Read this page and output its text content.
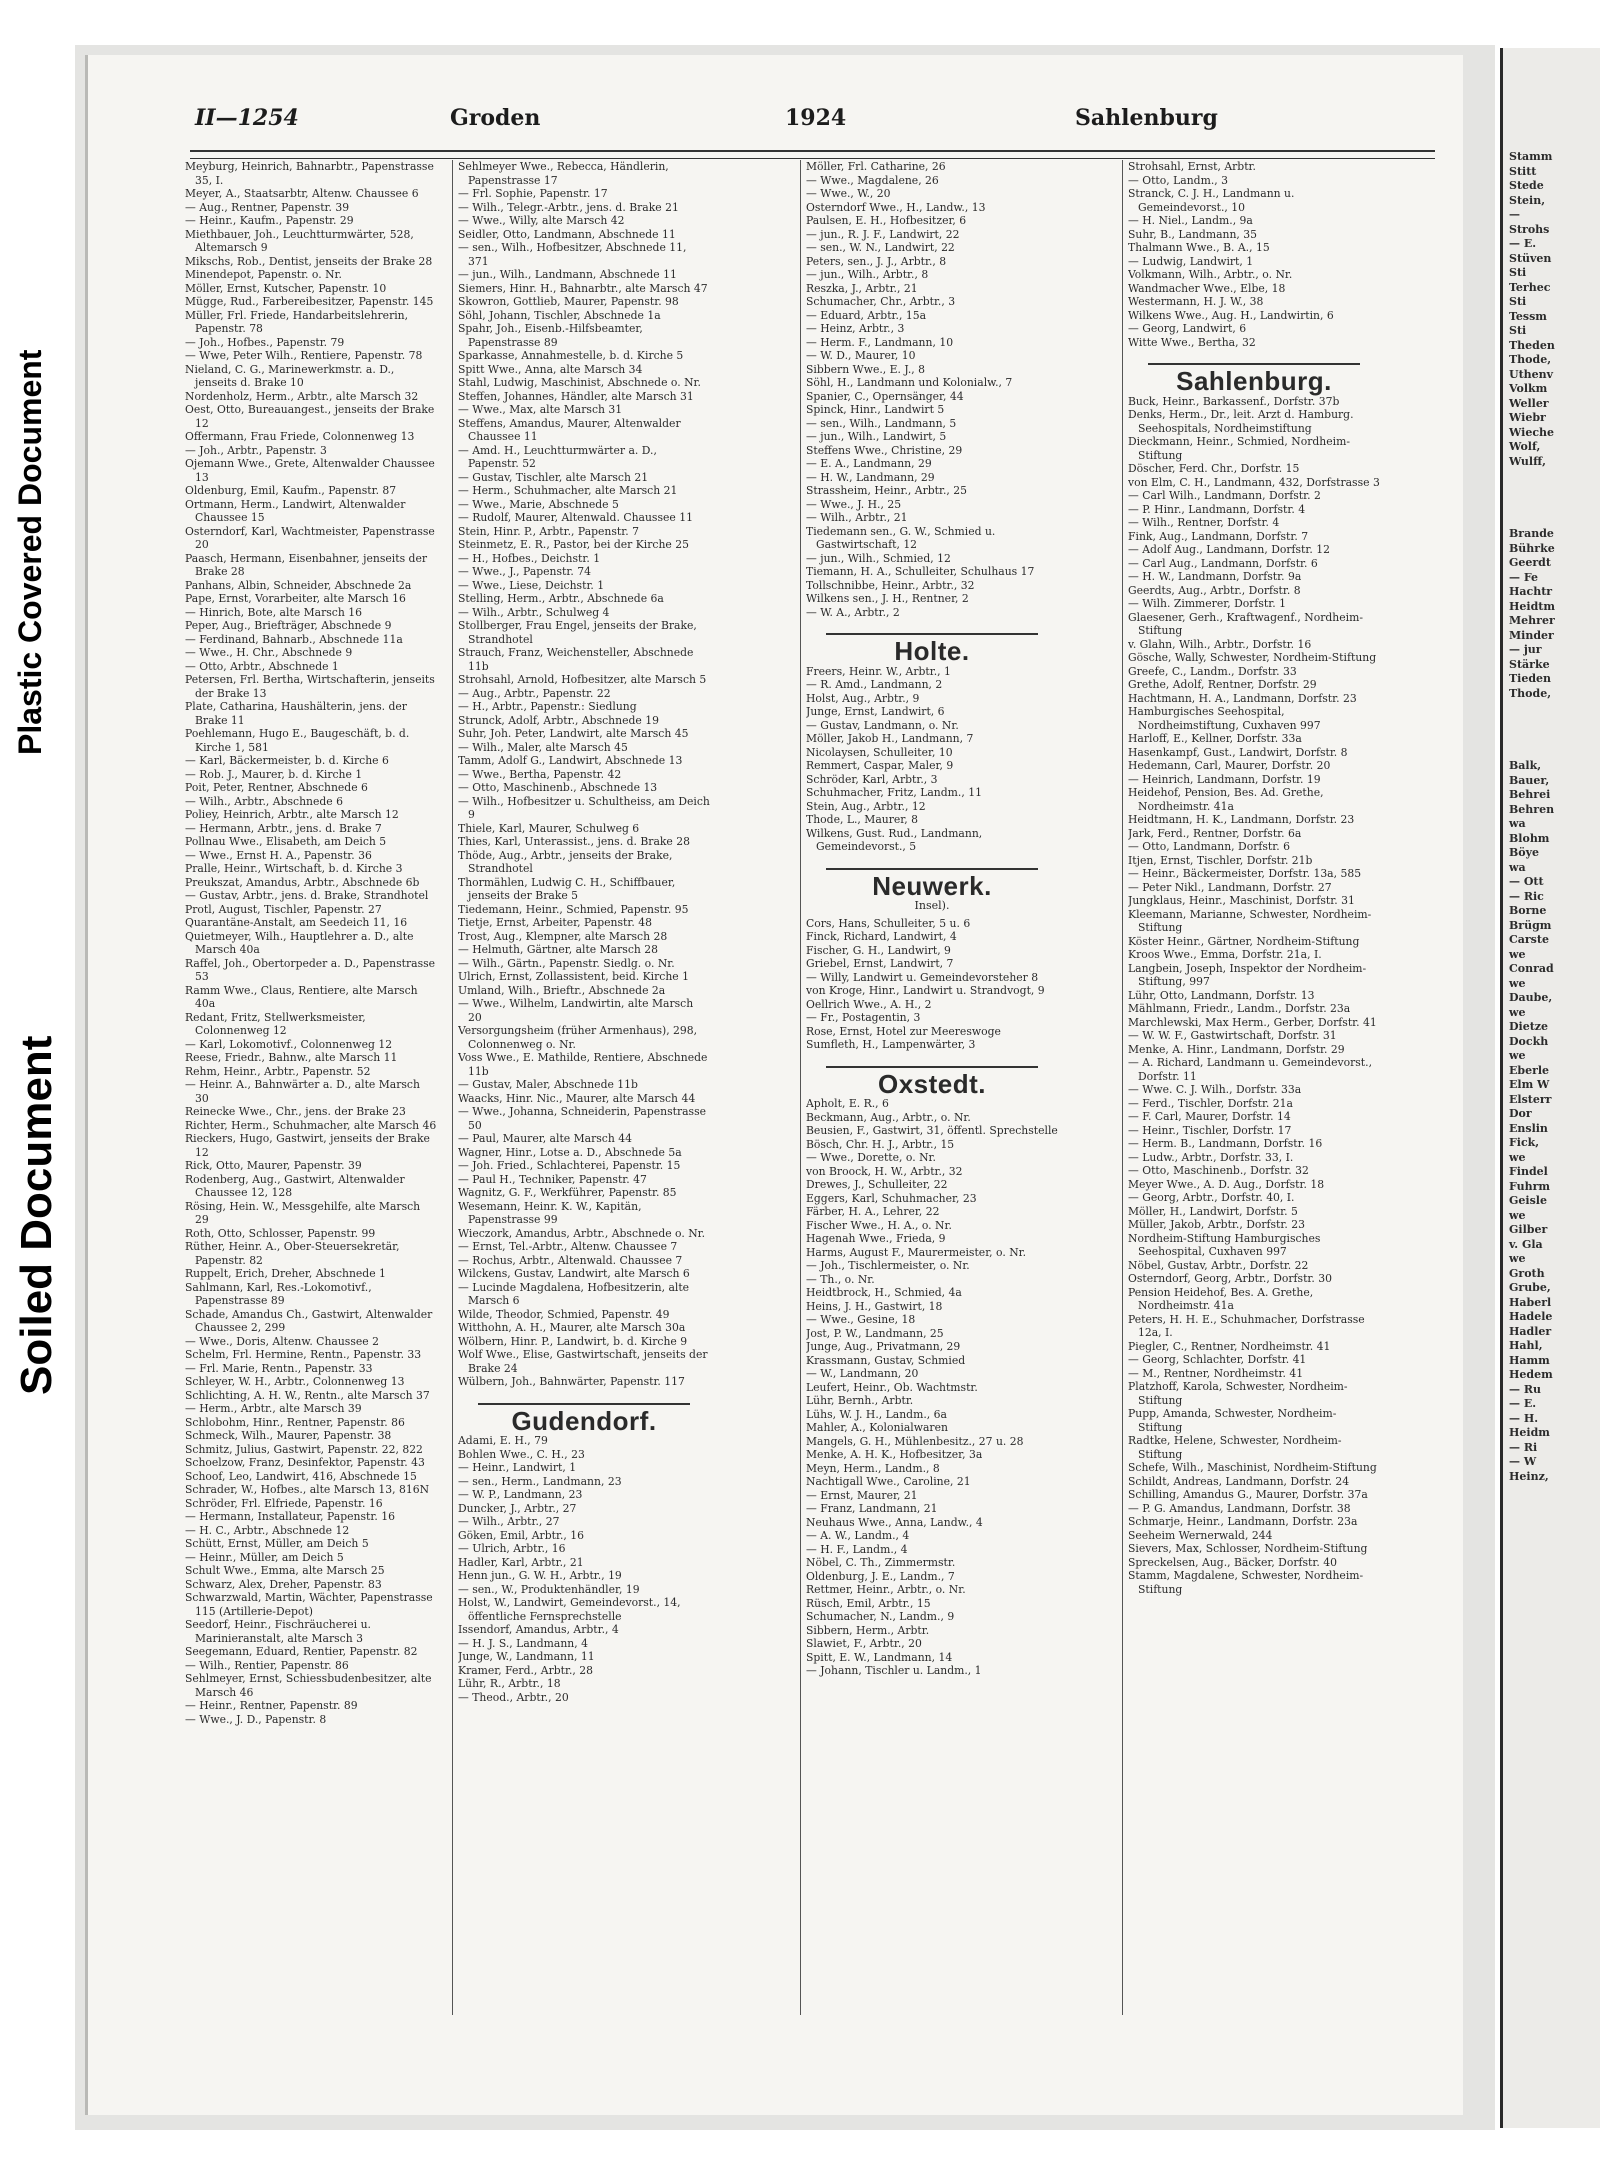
Plastic Covered Document
Soiled Document
Stamm
Stitt
Stede
Stein,
—
Strohs
— E.
Stüven
Sti
Terhec
Sti
Tessm
Sti
Theden
Thode,
Uthenv
Volkm
Weller
Wiebr
Wieche
Wolf,
Wulff,

Brande
Bührke
Geerdt
— Fe
Hachtr
Heidtm
Mehrer
Minder
— jur
Stärke
Tieden
Thode,

Balk,
Bauer,
Behrei
Behren
wa
Blohm
Böye
wa
— Ott
— Ric
Borne
Brügm
Carste
we
Conrad
we
Daube,
we
Dietze
Dockh
we
Eberle
Elm W
Elsterr
Dor
Enslin
Fick,
we
Findel
Fuhrm
Geisle
we
Gilber
v. Gla
we
Groth
Grube,
Haberl
Hadele
Hadler
Hahl,
Hamm
Hedem
— Ru
— E.
— H.
Heidm
— Ri
— W
Heinz,
II—1254	Groden	1924	Sahlenburg
Meyburg, Heinrich, Bahnarbtr., Papenstrasse 35, I.
Meyer, A., Staatsarbtr, Altenw. Chaussee 6
— Aug., Rentner, Papenstr. 39
— Heinr., Kaufm., Papenstr. 29
Miethbauer, Joh., Leuchtturmwärter, 528, Altemarsch 9
Mikschs, Rob., Dentist, jenseits der Brake 28
Minendepot, Papenstr. o. Nr.
Möller, Ernst, Kutscher, Papenstr. 10
Mügge, Rud., Farbereibesitzer, Papenstr. 145
Müller, Frl. Friede, Handarbeitslehrerin, Papenstr. 78
— Joh., Hofbes., Papenstr. 79
— Wwe, Peter Wilh., Rentiere, Papenstr. 78
Nieland, C. G., Marinewerkmstr. a. D., jenseits d. Brake 10
Nordenholz, Herm., Arbtr., alte Marsch 32
Oest, Otto, Bureauangest., jenseits der Brake 12
Offermann, Frau Friede, Colonnenweg 13
— Joh., Arbtr., Papenstr. 3
Ojemann Wwe., Grete, Altenwalder Chaussee 13
Oldenburg, Emil, Kaufm., Papenstr. 87
Ortmann, Herm., Landwirt, Altenwalder Chaussee 15
Osterndorf, Karl, Wachtmeister, Papenstrasse 20
Paasch, Hermann, Eisenbahner, jenseits der Brake 28
Panhans, Albin, Schneider, Abschnede 2a
Pape, Ernst, Vorarbeiter, alte Marsch 16
— Hinrich, Bote, alte Marsch 16
Peper, Aug., Briefträger, Abschnede 9
— Ferdinand, Bahnarb., Abschnede 11a
— Wwe., H. Chr., Abschnede 9
— Otto, Arbtr., Abschnede 1
Petersen, Frl. Bertha, Wirtschafterin, jenseits der Brake 13
Plate, Catharina, Haushälterin, jens. der Brake 11
Poehlemann, Hugo E., Baugeschäft, b. d. Kirche 1, 581
— Karl, Bäckermeister, b. d. Kirche 6
— Rob. J., Maurer, b. d. Kirche 1
Poit, Peter, Rentner, Abschnede 6
— Wilh., Arbtr., Abschnede 6
Poliey, Heinrich, Arbtr., alte Marsch 12
— Hermann, Arbtr., jens. d. Brake 7
Pollnau Wwe., Elisabeth, am Deich 5
— Wwe., Ernst H. A., Papenstr. 36
Pralle, Heinr., Wirtschaft, b. d. Kirche 3
Preukszat, Amandus, Arbtr., Abschnede 6b
— Gustav, Arbtr., jens. d. Brake, Strandhotel
Protl, August, Tischler, Papenstr. 27
Quarantäne-Anstalt, am Seedeich 11, 16
Quietmeyer, Wilh., Hauptlehrer a. D., alte Marsch 40a
Raffel, Joh., Obertorpeder a. D., Papenstrasse 53
Ramm Wwe., Claus, Rentiere, alte Marsch 40a
Redant, Fritz, Stellwerksmeister, Colonnenweg 12
— Karl, Lokomotivf., Colonnenweg 12
Reese, Friedr., Bahnw., alte Marsch 11
Rehm, Heinr., Arbtr., Papenstr. 52
— Heinr. A., Bahnwärter a. D., alte Marsch 30
Reinecke Wwe., Chr., jens. der Brake 23
Richter, Herm., Schuhmacher, alte Marsch 46
Rieckers, Hugo, Gastwirt, jenseits der Brake 12
Rick, Otto, Maurer, Papenstr. 39
Rodenberg, Aug., Gastwirt, Altenwalder Chaussee 12, 128
Rösing, Hein. W., Messgehilfe, alte Marsch 29
Roth, Otto, Schlosser, Papenstr. 99
Rüther, Heinr. A., Ober-Steuersekretär, Papenstr. 82
Ruppelt, Erich, Dreher, Abschnede 1
Sahlmann, Karl, Res.-Lokomotivf., Papenstrasse 89
Schade, Amandus Ch., Gastwirt, Altenwalder Chaussee 2, 299
— Wwe., Doris, Altenw. Chaussee 2
Schelm, Frl. Hermine, Rentn., Papenstr. 33
— Frl. Marie, Rentn., Papenstr. 33
Schleyer, W. H., Arbtr., Colonnenweg 13
Schlichting, A. H. W., Rentn., alte Marsch 37
— Herm., Arbtr., alte Marsch 39
Schlobohm, Hinr., Rentner, Papenstr. 86
Schmeck, Wilh., Maurer, Papenstr. 38
Schmitz, Julius, Gastwirt, Papenstr. 22, 822
Schoelzow, Franz, Desinfektor, Papenstr. 43
Schoof, Leo, Landwirt, 416, Abschnede 15
Schrader, W., Hofbes., alte Marsch 13, 816N
Schröder, Frl. Elfriede, Papenstr. 16
— Hermann, Installateur, Papenstr. 16
— H. C., Arbtr., Abschnede 12
Schütt, Ernst, Müller, am Deich 5
— Heinr., Müller, am Deich 5
Schult Wwe., Emma, alte Marsch 25
Schwarz, Alex, Dreher, Papenstr. 83
Schwarzwald, Martin, Wächter, Papenstrasse 115 (Artillerie-Depot)
Seedorf, Heinr., Fischräucherei u. Marinieranstalt, alte Marsch 3
Seegemann, Eduard, Rentier, Papenstr. 82
— Wilh., Rentier, Papenstr. 86
Sehlmeyer, Ernst, Schiessbudenbesitzer, alte Marsch 46
— Heinr., Rentner, Papenstr. 89
— Wwe., J. D., Papenstr. 8
Sehlmeyer Wwe., Rebecca, Händlerin, Papenstrasse 17
— Frl. Sophie, Papenstr. 17
— Wilh., Telegr.-Arbtr., jens. d. Brake 21
— Wwe., Willy, alte Marsch 42
Seidler, Otto, Landmann, Abschnede 11
— sen., Wilh., Hofbesitzer, Abschnede 11, 371
— jun., Wilh., Landmann, Abschnede 11
Siemers, Hinr. H., Bahnarbtr., alte Marsch 47
Skowron, Gottlieb, Maurer, Papenstr. 98
Söhl, Johann, Tischler, Abschnede 1a
Spahr, Joh., Eisenb.-Hilfsbeamter, Papenstrasse 89
Sparkasse, Annahmestelle, b. d. Kirche 5
Spitt Wwe., Anna, alte Marsch 34
Stahl, Ludwig, Maschinist, Abschnede o. Nr.
Steffen, Johannes, Händler, alte Marsch 31
— Wwe., Max, alte Marsch 31
Steffens, Amandus, Maurer, Altenwalder Chaussee 11
— Amd. H., Leuchtturmwärter a. D., Papenstr. 52
— Gustav, Tischler, alte Marsch 21
— Herm., Schuhmacher, alte Marsch 21
— Wwe., Marie, Abschnede 5
— Rudolf, Maurer, Altenwald. Chaussee 11
Stein, Hinr. P., Arbtr., Papenstr. 7
Steinmetz, E. R., Pastor, bei der Kirche 25
— H., Hofbes., Deichstr. 1
— Wwe., J., Papenstr. 74
— Wwe., Liese, Deichstr. 1
Stelling, Herm., Arbtr., Abschnede 6a
— Wilh., Arbtr., Schulweg 4
Stollberger, Frau Engel, jenseits der Brake, Strandhotel
Strauch, Franz, Weichensteller, Abschnede 11b
Strohsahl, Arnold, Hofbesitzer, alte Marsch 5
— Aug., Arbtr., Papenstr. 22
— H., Arbtr., Papenstr.: Siedlung
Strunck, Adolf, Arbtr., Abschnede 19
Suhr, Joh. Peter, Landwirt, alte Marsch 45
— Wilh., Maler, alte Marsch 45
Tamm, Adolf G., Landwirt, Abschnede 13
— Wwe., Bertha, Papenstr. 42
— Otto, Maschinenb., Abschnede 13
— Wilh., Hofbesitzer u. Schultheiss, am Deich 9
Thiele, Karl, Maurer, Schulweg 6
Thies, Karl, Unterassist., jens. d. Brake 28
Thöde, Aug., Arbtr., jenseits der Brake, Strandhotel
Thormählen, Ludwig C. H., Schiffbauer, jenseits der Brake 5
Tiedemann, Heinr., Schmied, Papenstr. 95
Tietje, Ernst, Arbeiter, Papenstr. 48
Trost, Aug., Klempner, alte Marsch 28
— Helmuth, Gärtner, alte Marsch 28
— Wilh., Gärtn., Papenstr. Siedlg. o. Nr.
Ulrich, Ernst, Zollassistent, beid. Kirche 1
Umland, Wilh., Brieftr., Abschnede 2a
— Wwe., Wilhelm, Landwirtin, alte Marsch 20
Versorgungsheim (früher Armenhaus), 298, Colonnenweg o. Nr.
Voss Wwe., E. Mathilde, Rentiere, Abschnede 11b
— Gustav, Maler, Abschnede 11b
Waacks, Hinr. Nic., Maurer, alte Marsch 44
— Wwe., Johanna, Schneiderin, Papenstrasse 50
— Paul, Maurer, alte Marsch 44
Wagner, Hinr., Lotse a. D., Abschnede 5a
— Joh. Fried., Schlachterei, Papenstr. 15
— Paul H., Techniker, Papenstr. 47
Wagnitz, G. F., Werkführer, Papenstr. 85
Wesemann, Heinr. K. W., Kapitän, Papenstrasse 99
Wieczork, Amandus, Arbtr., Abschnede o. Nr.
— Ernst, Tel.-Arbtr., Altenw. Chaussee 7
— Rochus, Arbtr., Altenwald. Chaussee 7
Wilckens, Gustav, Landwirt, alte Marsch 6
— Lucinde Magdalena, Hofbesitzerin, alte Marsch 6
Wilde, Theodor, Schmied, Papenstr. 49
Witthohn, A. H., Maurer, alte Marsch 30a
Wölbern, Hinr. P., Landwirt, b. d. Kirche 9
Wolf Wwe., Elise, Gastwirtschaft, jenseits der Brake 24
Wülbern, Joh., Bahnwärter, Papenstr. 117
Gudendorf.
Adami, E. H., 79
Bohlen Wwe., C. H., 23
— Heinr., Landwirt, 1
— sen., Herm., Landmann, 23
— W. P., Landmann, 23
Duncker, J., Arbtr., 27
— Wilh., Arbtr., 27
Göken, Emil, Arbtr., 16
— Ulrich, Arbtr., 16
Hadler, Karl, Arbtr., 21
Henn jun., G. W. H., Arbtr., 19
— sen., W., Produktenhändler, 19
Holst, W., Landwirt, Gemeindevorst., 14, öffentliche Fernsprechstelle
Issendorf, Amandus, Arbtr., 4
— H. J. S., Landmann, 4
Junge, W., Landmann, 11
Kramer, Ferd., Arbtr., 28
Lühr, R., Arbtr., 18
— Theod., Arbtr., 20
Möller, Frl. Catharine, 26
— Wwe., Magdalene, 26
— Wwe., W., 20
Osterndorf Wwe., H., Landw., 13
Paulsen, E. H., Hofbesitzer, 6
— jun., R. J. F., Landwirt, 22
— sen., W. N., Landwirt, 22
Peters, sen., J. J., Arbtr., 8
— jun., Wilh., Arbtr., 8
Reszka, J., Arbtr., 21
Schumacher, Chr., Arbtr., 3
— Eduard, Arbtr., 15a
— Heinz, Arbtr., 3
— Herm. F., Landmann, 10
— W. D., Maurer, 10
Sibbern Wwe., E. J., 8
Söhl, H., Landmann und Kolonialw., 7
Spanier, C., Opernsänger, 44
Spinck, Hinr., Landwirt 5
— sen., Wilh., Landmann, 5
— jun., Wilh., Landwirt, 5
Steffens Wwe., Christine, 29
— E. A., Landmann, 29
— H. W., Landmann, 29
Strassheim, Heinr., Arbtr., 25
— Wwe., J. H., 25
— Wilh., Arbtr., 21
Tiedemann sen., G. W., Schmied u. Gastwirtschaft, 12
— jun., Wilh., Schmied, 12
Tiemann, H. A., Schulleiter, Schulhaus 17
Tollschnibbe, Heinr., Arbtr., 32
Wilkens sen., J. H., Rentner, 2
— W. A., Arbtr., 2
Holte.
Freers, Heinr. W., Arbtr., 1
— R. Amd., Landmann, 2
Holst, Aug., Arbtr., 9
Junge, Ernst, Landwirt, 6
— Gustav, Landmann, o. Nr.
Möller, Jakob H., Landmann, 7
Nicolaysen, Schulleiter, 10
Remmert, Caspar, Maler, 9
Schröder, Karl, Arbtr., 3
Schuhmacher, Fritz, Landm., 11
Stein, Aug., Arbtr., 12
Thode, L., Maurer, 8
Wilkens, Gust. Rud., Landmann, Gemeindevorst., 5
Neuwerk.
Insel).
Cors, Hans, Schulleiter, 5 u. 6
Finck, Richard, Landwirt, 4
Fischer, G. H., Landwirt, 9
Griebel, Ernst, Landwirt, 7
— Willy, Landwirt u. Gemeindevorsteher 8
von Kroge, Hinr., Landwirt u. Strandvogt, 9
Oellrich Wwe., A. H., 2
— Fr., Postagentin, 3
Rose, Ernst, Hotel zur Meereswoge
Sumfleth, H., Lampenwärter, 3
Oxstedt.
Apholt, E. R., 6
Beckmann, Aug., Arbtr., o. Nr.
Beusien, F., Gastwirt, 31, öffentl. Sprechstelle
Bösch, Chr. H. J., Arbtr., 15
— Wwe., Dorette, o. Nr.
von Broock, H. W., Arbtr., 32
Drewes, J., Schulleiter, 22
Eggers, Karl, Schuhmacher, 23
Färber, H. A., Lehrer, 22
Fischer Wwe., H. A., o. Nr.
Hagenah Wwe., Frieda, 9
Harms, August F., Maurermeister, o. Nr.
— Joh., Tischlermeister, o. Nr.
— Th., o. Nr.
Heidtbrock, H., Schmied, 4a
Heins, J. H., Gastwirt, 18
— Wwe., Gesine, 18
Jost, P. W., Landmann, 25
Junge, Aug., Privatmann, 29
Krassmann, Gustav, Schmied
— W., Landmann, 20
Leufert, Heinr., Ob. Wachtmstr.
Lühr, Bernh., Arbtr.
Lühs, W. J. H., Landm., 6a
Mahler, A., Kolonialwaren
Mangels, G. H., Mühlenbesitz., 27 u. 28
Menke, A. H. K., Hofbesitzer, 3a
Meyn, Herm., Landm., 8
Nachtigall Wwe., Caroline, 21
— Ernst, Maurer, 21
— Franz, Landmann, 21
Neuhaus Wwe., Anna, Landw., 4
— A. W., Landm., 4
— H. F., Landm., 4
Nöbel, C. Th., Zimmermstr.
Oldenburg, J. E., Landm., 7
Rettmer, Heinr., Arbtr., o. Nr.
Rüsch, Emil, Arbtr., 15
Schumacher, N., Landm., 9
Sibbern, Herm., Arbtr.
Slawiet, F., Arbtr., 20
Spitt, E. W., Landmann, 14
— Johann, Tischler u. Landm., 1
Strohsahl, Ernst, Arbtr.
— Otto, Landm., 3
Stranck, C. J. H., Landmann u. Gemeindevorst., 10
— H. Niel., Landm., 9a
Suhr, B., Landmann, 35
Thalmann Wwe., B. A., 15
— Ludwig, Landwirt, 1
Volkmann, Wilh., Arbtr., o. Nr.
Wandmacher Wwe., Elbe, 18
Westermann, H. J. W., 38
Wilkens Wwe., Aug. H., Landwirtin, 6
— Georg, Landwirt, 6
Witte Wwe., Bertha, 32
Sahlenburg.
Buck, Heinr., Barkassenf., Dorfstr. 37b
Denks, Herm., Dr., leit. Arzt d. Hamburg. Seehospitals, Nordheimstiftung
Dieckmann, Heinr., Schmied, Nordheim-Stiftung
Döscher, Ferd. Chr., Dorfstr. 15
von Elm, C. H., Landmann, 432, Dorfstrasse 3
— Carl Wilh., Landmann, Dorfstr. 2
— P. Hinr., Landmann, Dorfstr. 4
— Wilh., Rentner, Dorfstr. 4
Fink, Aug., Landmann, Dorfstr. 7
— Adolf Aug., Landmann, Dorfstr. 12
— Carl Aug., Landmann, Dorfstr. 6
— H. W., Landmann, Dorfstr. 9a
Geerdts, Aug., Arbtr., Dorfstr. 8
— Wilh. Zimmerer, Dorfstr. 1
Glaesener, Gerh., Kraftwagenf., Nordheim-Stiftung
v. Glahn, Wilh., Arbtr., Dorfstr. 16
Gösche, Wally, Schwester, Nordheim-Stiftung
Greefe, C., Landm., Dorfstr. 33
Grethe, Adolf, Rentner, Dorfstr. 29
Hachtmann, H. A., Landmann, Dorfstr. 23
Hamburgisches Seehospital, Nordheimstiftung, Cuxhaven 997
Harloff, E., Kellner, Dorfstr. 33a
Hasenkampf, Gust., Landwirt, Dorfstr. 8
Hedemann, Carl, Maurer, Dorfstr. 20
— Heinrich, Landmann, Dorfstr. 19
Heidehof, Pension, Bes. Ad. Grethe, Nordheimstr. 41a
Heidtmann, H. K., Landmann, Dorfstr. 23
Jark, Ferd., Rentner, Dorfstr. 6a
— Otto, Landmann, Dorfstr. 6
Itjen, Ernst, Tischler, Dorfstr. 21b
— Heinr., Bäckermeister, Dorfstr. 13a, 585
— Peter Nikl., Landmann, Dorfstr. 27
Jungklaus, Heinr., Maschinist, Dorfstr. 31
Kleemann, Marianne, Schwester, Nordheim-Stiftung
Köster Heinr., Gärtner, Nordheim-Stiftung
Kroos Wwe., Emma, Dorfstr. 21a, I.
Langbein, Joseph, Inspektor der Nordheim-Stiftung, 997
Lühr, Otto, Landmann, Dorfstr. 13
Mählmann, Friedr., Landm., Dorfstr. 23a
Marchlewski, Max Herm., Gerber, Dorfstr. 41
— W. W. F., Gastwirtschaft, Dorfstr. 31
Menke, A. Hinr., Landmann, Dorfstr. 29
— A. Richard, Landmann u. Gemeindevorst., Dorfstr. 11
— Wwe. C. J. Wilh., Dorfstr. 33a
— Ferd., Tischler, Dorfstr. 21a
— F. Carl, Maurer, Dorfstr. 14
— Heinr., Tischler, Dorfstr. 17
— Herm. B., Landmann, Dorfstr. 16
— Ludw., Arbtr., Dorfstr. 33, I.
— Otto, Maschinenb., Dorfstr. 32
Meyer Wwe., A. D. Aug., Dorfstr. 18
— Georg, Arbtr., Dorfstr. 40, I.
Möller, H., Landwirt, Dorfstr. 5
Müller, Jakob, Arbtr., Dorfstr. 23
Nordheim-Stiftung Hamburgisches Seehospital, Cuxhaven 997
Nöbel, Gustav, Arbtr., Dorfstr. 22
Osterndorf, Georg, Arbtr., Dorfstr. 30
Pension Heidehof, Bes. A. Grethe, Nordheimstr. 41a
Peters, H. H. E., Schuhmacher, Dorfstrasse 12a, I.
Piegler, C., Rentner, Nordheimstr. 41
— Georg, Schlachter, Dorfstr. 41
— M., Rentner, Nordheimstr. 41
Platzhoff, Karola, Schwester, Nordheim-Stiftung
Pupp, Amanda, Schwester, Nordheim-Stiftung
Radtke, Helene, Schwester, Nordheim-Stiftung
Schefe, Wilh., Maschinist, Nordheim-Stiftung
Schildt, Andreas, Landmann, Dorfstr. 24
Schilling, Amandus G., Maurer, Dorfstr. 37a
— P. G. Amandus, Landmann, Dorfstr. 38
Schmarje, Heinr., Landmann, Dorfstr. 23a
Seeheim Wernerwald, 244
Sievers, Max, Schlosser, Nordheim-Stiftung
Spreckelsen, Aug., Bäcker, Dorfstr. 40
Stamm, Magdalene, Schwester, Nordheim-Stiftung
